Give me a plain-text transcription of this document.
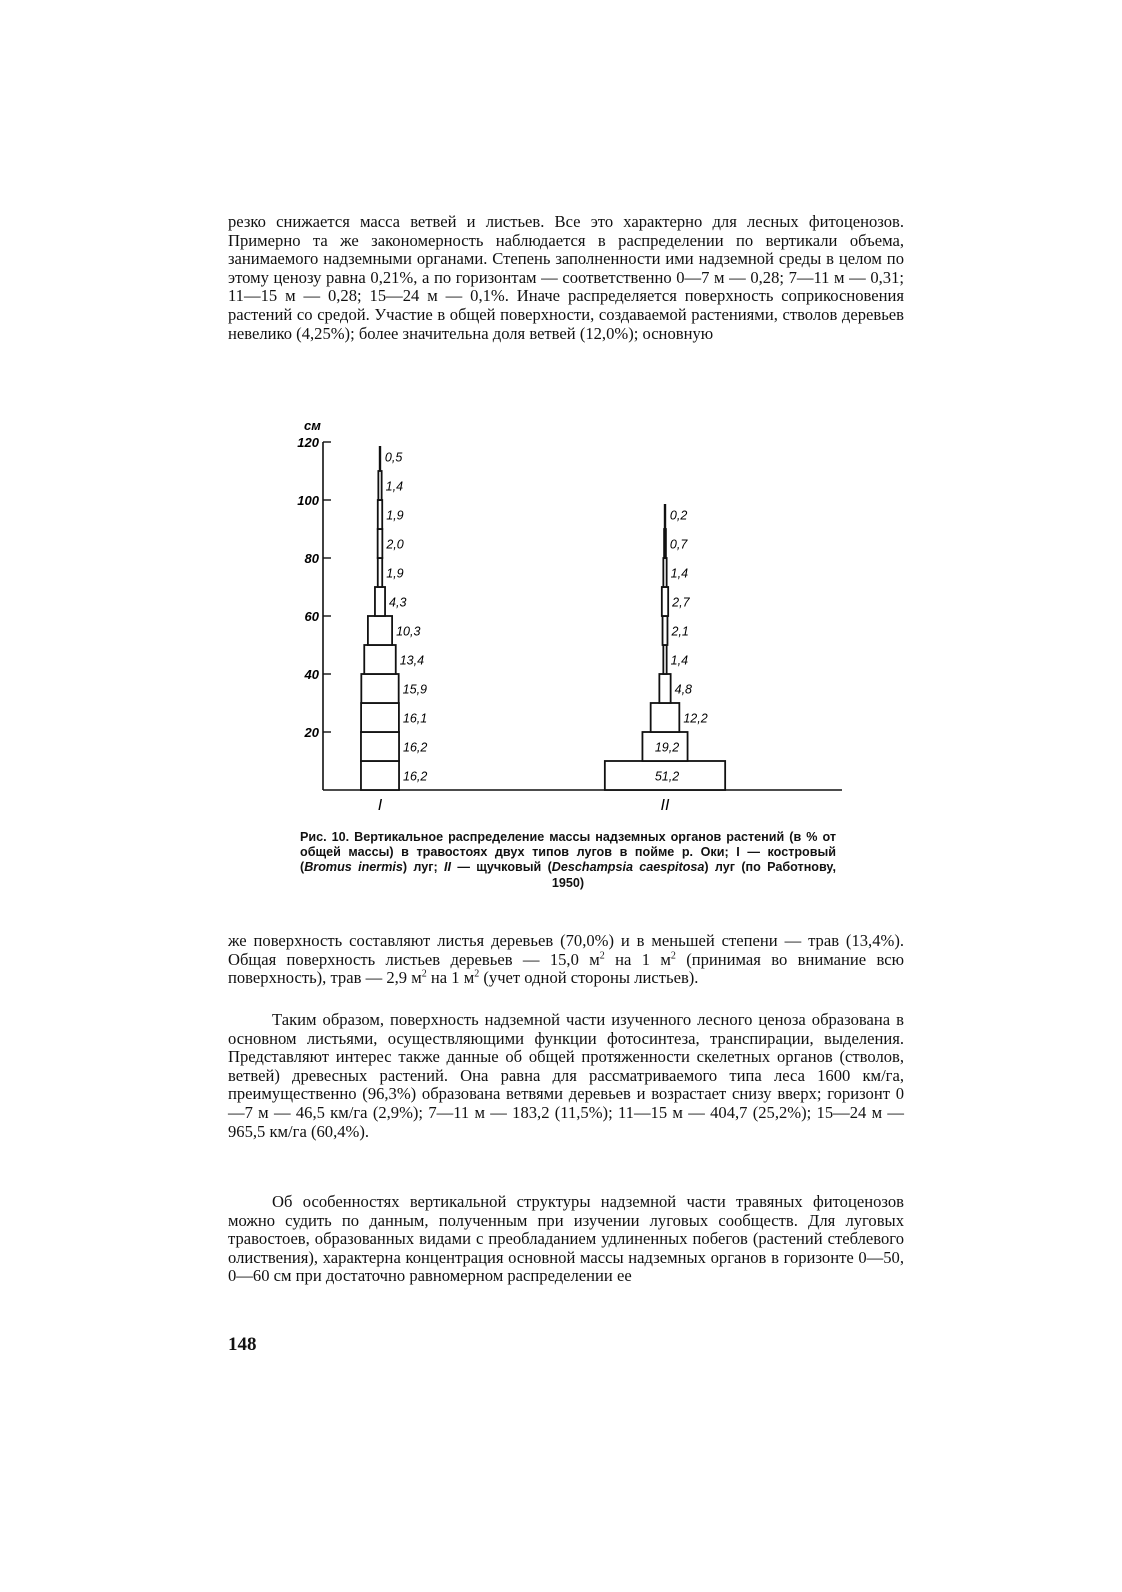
резко снижается масса ветвей и листьев. Все это характерно для лесных фитоценозов. Примерно та же закономерность наблюдается в распределении по вертикали объема, занимаемого надземными органами. Степень заполненности ими надземной среды в целом по этому ценозу равна 0,21%, а по горизонтам — соответственно 0—7 м — 0,28; 7—11 м — 0,31; 11—15 м — 0,28; 15—24 м — 0,1%. Иначе распределяется поверхность соприкосновения растений со средой. Участие в общей поверхности, создаваемой растениями, стволов деревьев невелико (4,25%); более значительна доля ветвей (12,0%); основную

см
20
40
60
80
100
120
16,2
16,2
16,1
15,9
13,4
10,3
4,3
1,9
2,0
1,9
1,4
0,5
I
51,2
19,2
12,2
4,8
1,4
2,1
2,7
1,4
0,7
0,2
II

Рис. 10. Вертикальное распределение массы надземных органов растений (в % от общей массы) в травостоях двух типов лугов в пойме р. Оки; I — костровый (Bromus inermis) луг; II — щучковый (Deschampsia caespitosa) луг (по Работнову, 1950)

же поверхность составляют листья деревьев (70,0%) и в меньшей степени — трав (13,4%). Общая поверхность листьев деревьев — 15,0 $м^2$ на 1 $м^2$ (принимая во внимание всю поверхность), трав — 2,9 $м^2$ на 1 $м^2$ (учет одной стороны листьев).

Таким образом, поверхность надземной части изученного лесного ценоза образована в основном листьями, осуществляющими функции фотосинтеза, транспирации, выделения. Представляют интерес также данные об общей протяженности скелетных органов (стволов, ветвей) древесных растений. Она равна для рассматриваемого типа леса 1600 км/га, преимущественно (96,3%) образована ветвями деревьев и возрастает снизу вверх; горизонт 0—7 м — 46,5 км/га (2,9%); 7—11 м — 183,2 (11,5%); 11—15 м — 404,7 (25,2%); 15—24 м — 965,5 км/га (60,4%).

Об особенностях вертикальной структуры надземной части травяных фитоценозов можно судить по данным, полученным при изучении луговых сообществ. Для луговых травостоев, образованных видами с преобладанием удлиненных побегов (растений стеблевого олиствения), характерна концентрация основной массы надземных органов в горизонте 0—50, 0—60 см при достаточно равномерном распределении ее

148
